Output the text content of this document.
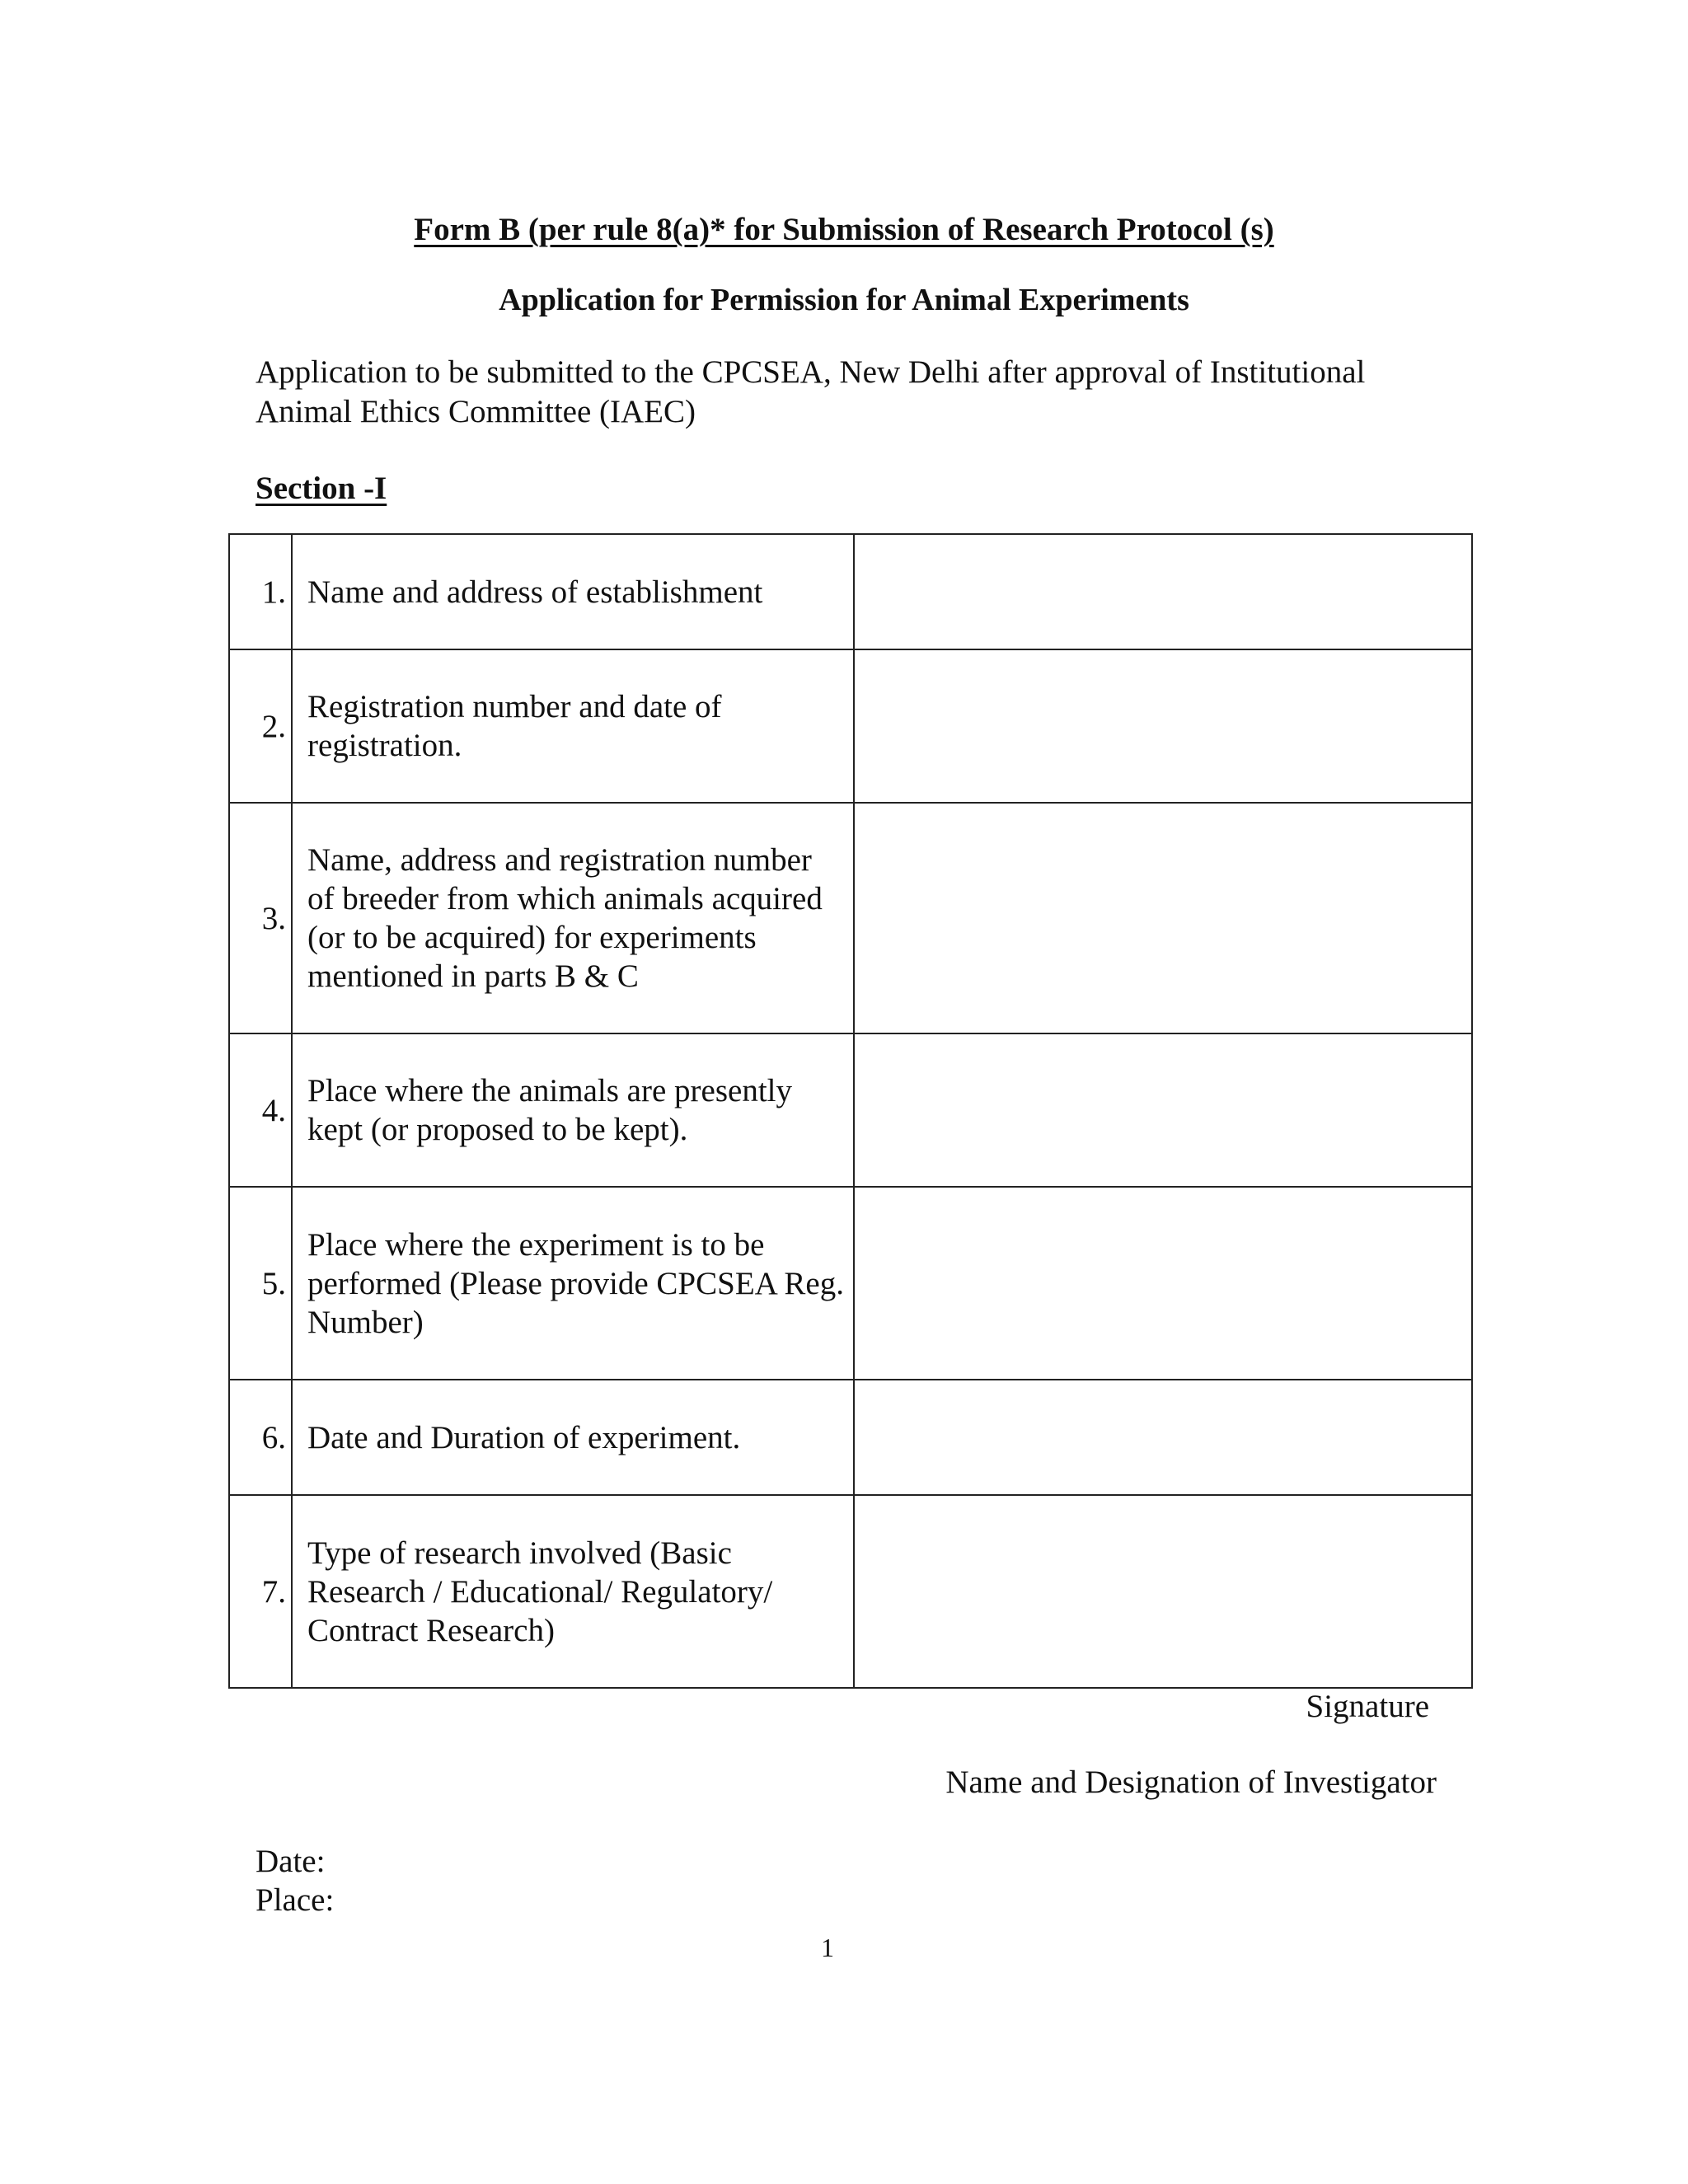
Form B (per rule 8(a)* for Submission of Research Protocol (s)
Application for Permission for Animal Experiments
Application to be submitted to the CPCSEA, New Delhi after approval of Institutional Animal Ethics Committee (IAEC)
Section -I
1.	Name and address of establishment	
2.	Registration number and date of registration.	
3.	Name, address and registration number of breeder from which animals acquired (or to be acquired) for experiments mentioned in parts B & C	
4.	Place where the animals are presently kept (or proposed to be kept).	
5.	Place where the experiment is to be performed (Please provide CPCSEA Reg. Number)	
6.	Date and Duration of experiment.	
7.	Type of research involved (Basic Research / Educational/ Regulatory/ Contract Research)	
Signature
Name and Designation of Investigator
Date:
Place:
1
